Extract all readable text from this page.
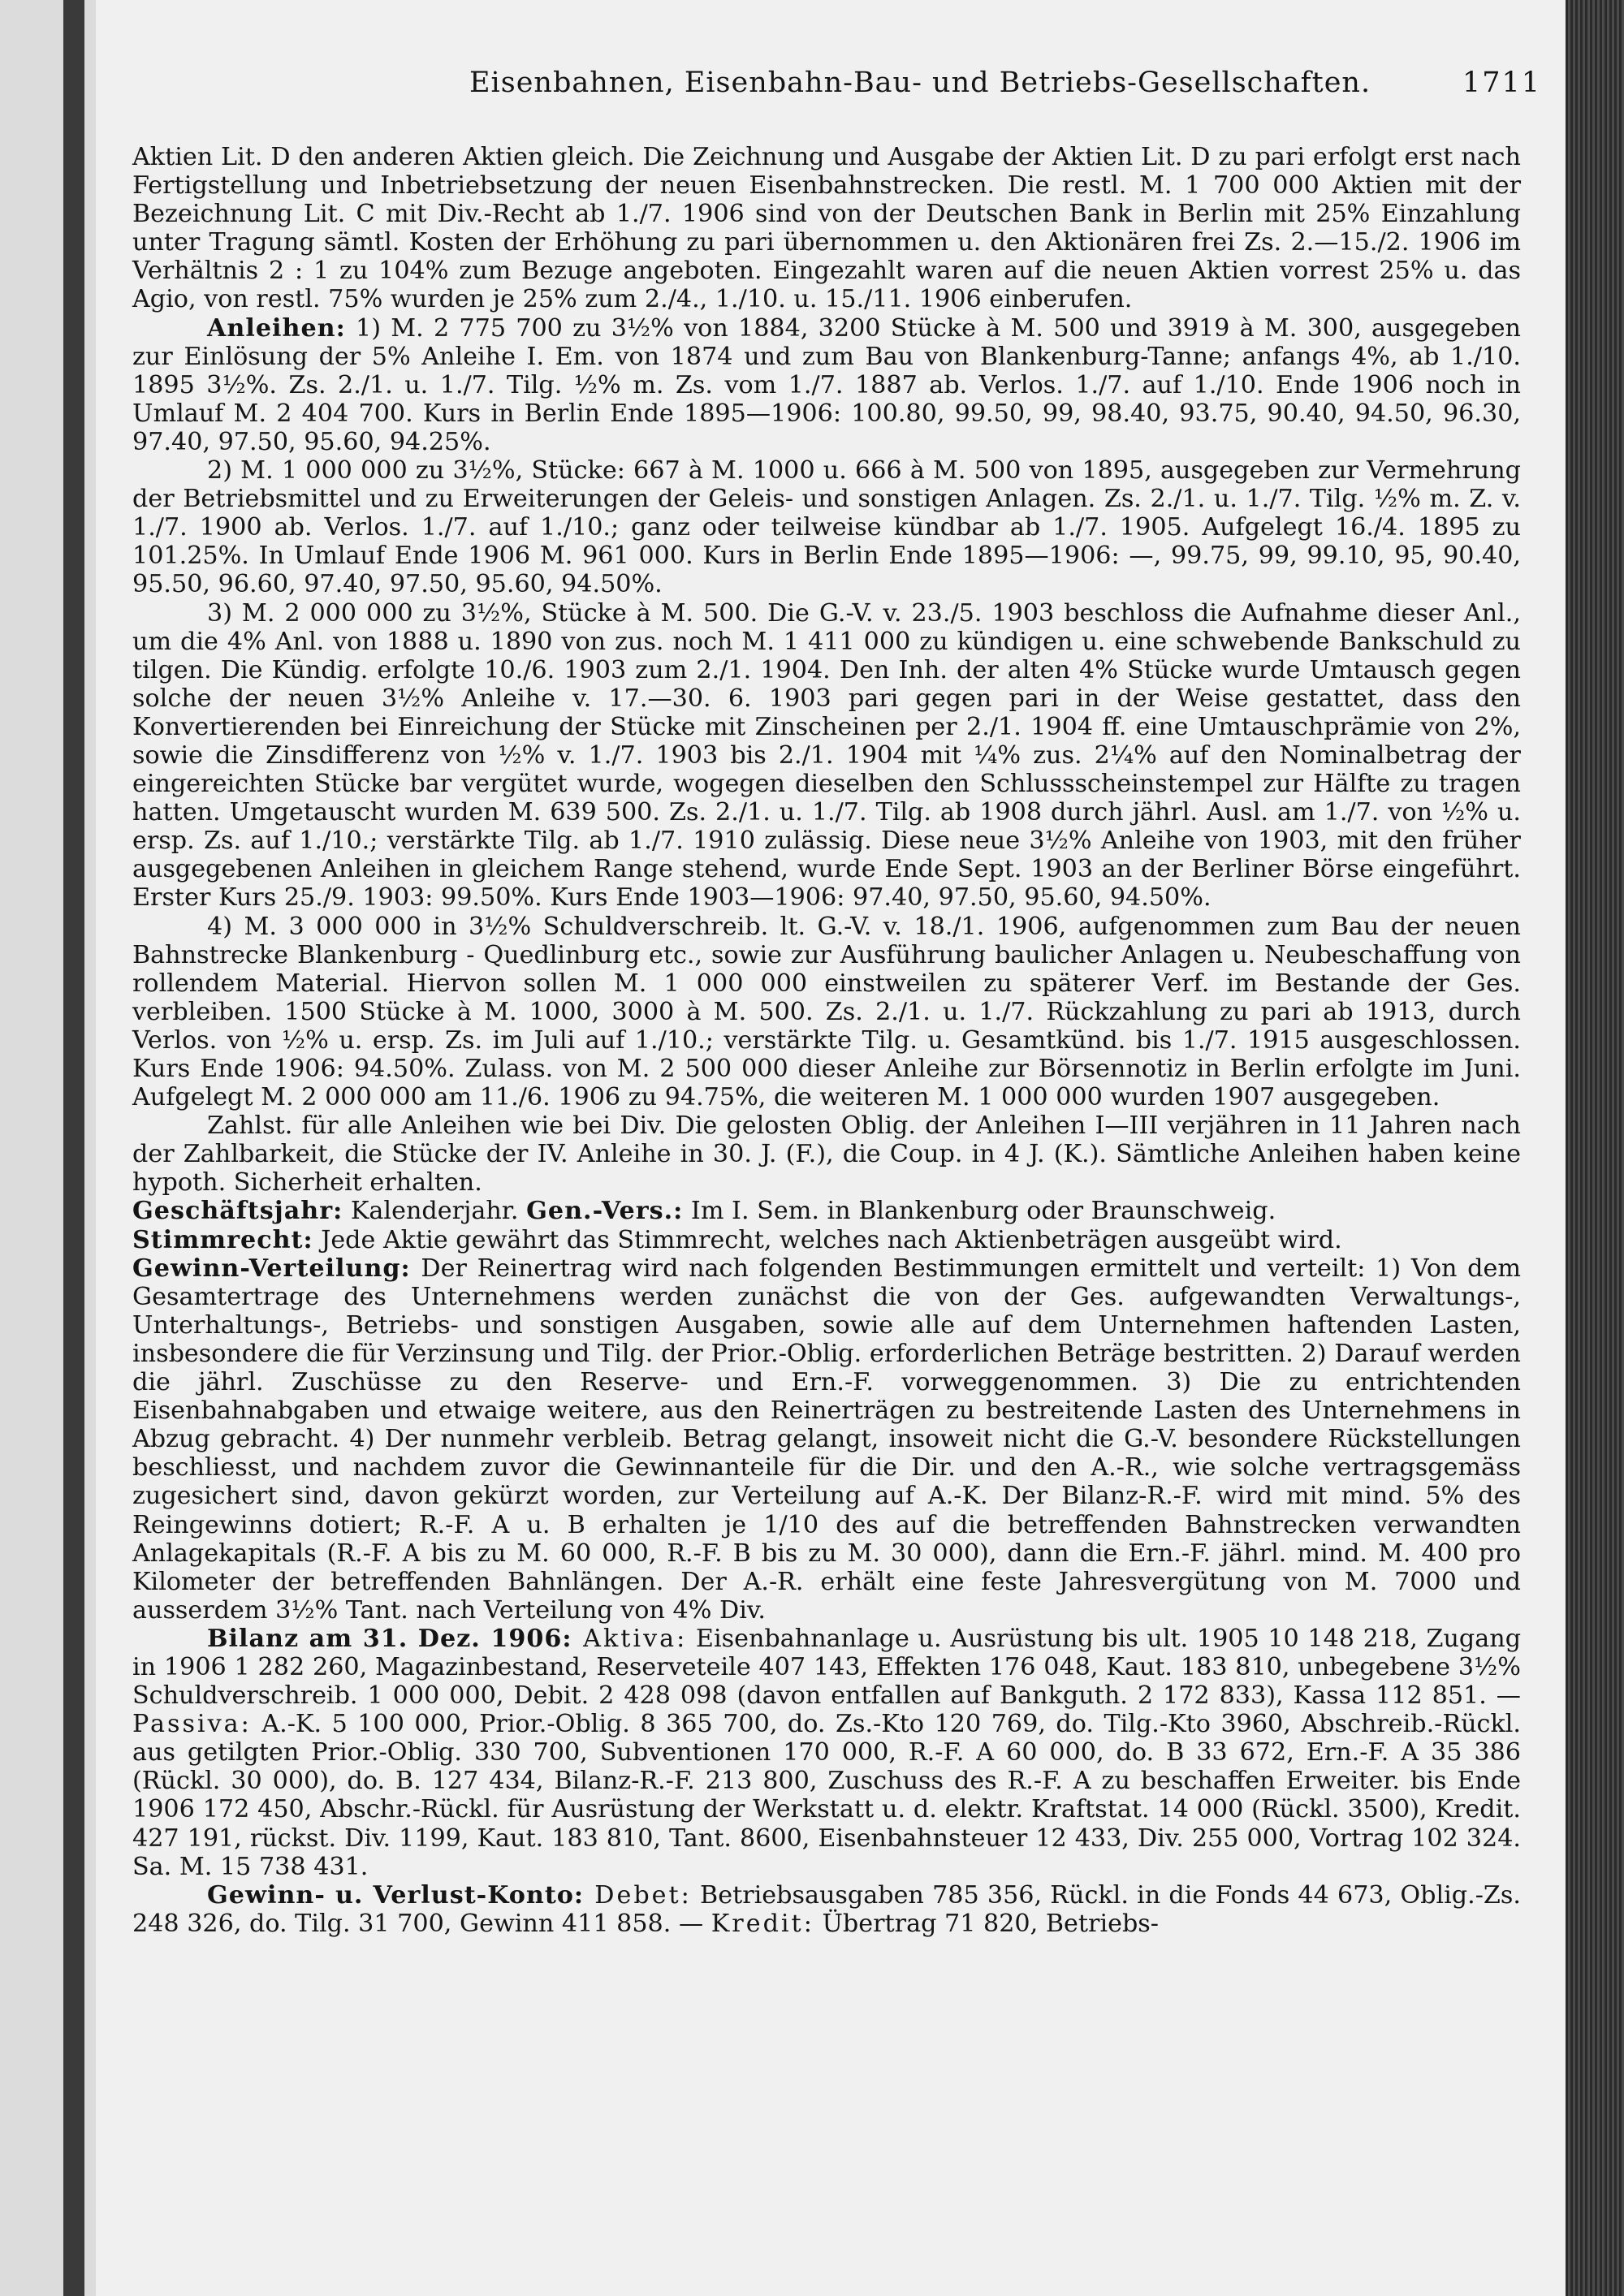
Eisenbahnen, Eisenbahn-Bau- und Betriebs-Gesellschaften.	1711

Aktien Lit. D den anderen Aktien gleich. Die Zeichnung und Ausgabe der Aktien Lit. D zu pari erfolgt erst nach Fertigstellung und Inbetriebsetzung der neuen Eisenbahnstrecken. Die restl. M. 1 700 000 Aktien mit der Bezeichnung Lit. C mit Div.-Recht ab 1./7. 1906 sind von der Deutschen Bank in Berlin mit 25% Einzahlung unter Tragung sämtl. Kosten der Erhöhung zu pari übernommen u. den Aktionären frei Zs. 2.—15./2. 1906 im Verhältnis 2 : 1 zu 104% zum Bezuge angeboten. Eingezahlt waren auf die neuen Aktien vorrest 25% u. das Agio, von restl. 75% wurden je 25% zum 2./4., 1./10. u. 15./11. 1906 einberufen.

Anleihen: 1) M. 2 775 700 zu 3½% von 1884, 3200 Stücke à M. 500 und 3919 à M. 300, ausgegeben zur Einlösung der 5% Anleihe I. Em. von 1874 und zum Bau von Blankenburg-Tanne; anfangs 4%, ab 1./10. 1895 3½%. Zs. 2./1. u. 1./7. Tilg. ½% m. Zs. vom 1./7. 1887 ab. Verlos. 1./7. auf 1./10. Ende 1906 noch in Umlauf M. 2 404 700. Kurs in Berlin Ende 1895—1906: 100.80, 99.50, 99, 98.40, 93.75, 90.40, 94.50, 96.30, 97.40, 97.50, 95.60, 94.25%.

2) M. 1 000 000 zu 3½%, Stücke: 667 à M. 1000 u. 666 à M. 500 von 1895, ausgegeben zur Vermehrung der Betriebsmittel und zu Erweiterungen der Geleis- und sonstigen Anlagen. Zs. 2./1. u. 1./7. Tilg. ½% m. Z. v. 1./7. 1900 ab. Verlos. 1./7. auf 1./10.; ganz oder teilweise kündbar ab 1./7. 1905. Aufgelegt 16./4. 1895 zu 101.25%. In Umlauf Ende 1906 M. 961 000. Kurs in Berlin Ende 1895—1906: —, 99.75, 99, 99.10, 95, 90.40, 95.50, 96.60, 97.40, 97.50, 95.60, 94.50%.

3) M. 2 000 000 zu 3½%, Stücke à M. 500. Die G.-V. v. 23./5. 1903 beschloss die Aufnahme dieser Anl., um die 4% Anl. von 1888 u. 1890 von zus. noch M. 1 411 000 zu kündigen u. eine schwebende Bankschuld zu tilgen. Die Kündig. erfolgte 10./6. 1903 zum 2./1. 1904. Den Inh. der alten 4% Stücke wurde Umtausch gegen solche der neuen 3½% Anleihe v. 17.—30. 6. 1903 pari gegen pari in der Weise gestattet, dass den Konvertierenden bei Einreichung der Stücke mit Zinscheinen per 2./1. 1904 ff. eine Umtauschprämie von 2%, sowie die Zinsdifferenz von ½% v. 1./7. 1903 bis 2./1. 1904 mit ¼% zus. 2¼% auf den Nominalbetrag der eingereichten Stücke bar vergütet wurde, wogegen dieselben den Schlussscheinstempel zur Hälfte zu tragen hatten. Umgetauscht wurden M. 639 500. Zs. 2./1. u. 1./7. Tilg. ab 1908 durch jährl. Ausl. am 1./7. von ½% u. ersp. Zs. auf 1./10.; verstärkte Tilg. ab 1./7. 1910 zulässig. Diese neue 3½% Anleihe von 1903, mit den früher ausgegebenen Anleihen in gleichem Range stehend, wurde Ende Sept. 1903 an der Berliner Börse eingeführt. Erster Kurs 25./9. 1903: 99.50%. Kurs Ende 1903—1906: 97.40, 97.50, 95.60, 94.50%.

4) M. 3 000 000 in 3½% Schuldverschreib. lt. G.-V. v. 18./1. 1906, aufgenommen zum Bau der neuen Bahnstrecke Blankenburg - Quedlinburg etc., sowie zur Ausführung baulicher Anlagen u. Neubeschaffung von rollendem Material. Hiervon sollen M. 1 000 000 einstweilen zu späterer Verf. im Bestande der Ges. verbleiben. 1500 Stücke à M. 1000, 3000 à M. 500. Zs. 2./1. u. 1./7. Rückzahlung zu pari ab 1913, durch Verlos. von ½% u. ersp. Zs. im Juli auf 1./10.; verstärkte Tilg. u. Gesamtkünd. bis 1./7. 1915 ausgeschlossen. Kurs Ende 1906: 94.50%. Zulass. von M. 2 500 000 dieser Anleihe zur Börsennotiz in Berlin erfolgte im Juni. Aufgelegt M. 2 000 000 am 11./6. 1906 zu 94.75%, die weiteren M. 1 000 000 wurden 1907 ausgegeben.

Zahlst. für alle Anleihen wie bei Div. Die gelosten Oblig. der Anleihen I—III verjähren in 11 Jahren nach der Zahlbarkeit, die Stücke der IV. Anleihe in 30. J. (F.), die Coup. in 4 J. (K.). Sämtliche Anleihen haben keine hypoth. Sicherheit erhalten.

Geschäftsjahr: Kalenderjahr. Gen.-Vers.: Im I. Sem. in Blankenburg oder Braunschweig.

Stimmrecht: Jede Aktie gewährt das Stimmrecht, welches nach Aktienbeträgen ausgeübt wird.

Gewinn-Verteilung: Der Reinertrag wird nach folgenden Bestimmungen ermittelt und verteilt: 1) Von dem Gesamtertrage des Unternehmens werden zunächst die von der Ges. aufgewandten Verwaltungs-, Unterhaltungs-, Betriebs- und sonstigen Ausgaben, sowie alle auf dem Unternehmen haftenden Lasten, insbesondere die für Verzinsung und Tilg. der Prior.-Oblig. erforderlichen Beträge bestritten. 2) Darauf werden die jährl. Zuschüsse zu den Reserve- und Ern.-F. vorweggenommen. 3) Die zu entrichtenden Eisenbahnabgaben und etwaige weitere, aus den Reinerträgen zu bestreitende Lasten des Unternehmens in Abzug gebracht. 4) Der nunmehr verbleib. Betrag gelangt, insoweit nicht die G.-V. besondere Rückstellungen beschliesst, und nachdem zuvor die Gewinnanteile für die Dir. und den A.-R., wie solche vertragsgemäss zugesichert sind, davon gekürzt worden, zur Verteilung auf A.-K. Der Bilanz-R.-F. wird mit mind. 5% des Reingewinns dotiert; R.-F. A u. B erhalten je 1/10 des auf die betreffenden Bahnstrecken verwandten Anlagekapitals (R.-F. A bis zu M. 60 000, R.-F. B bis zu M. 30 000), dann die Ern.-F. jährl. mind. M. 400 pro Kilometer der betreffenden Bahnlängen. Der A.-R. erhält eine feste Jahresvergütung von M. 7000 und ausserdem 3½% Tant. nach Verteilung von 4% Div.

Bilanz am 31. Dez. 1906: Aktiva: Eisenbahnanlage u. Ausrüstung bis ult. 1905 10 148 218, Zugang in 1906 1 282 260, Magazinbestand, Reserveteile 407 143, Effekten 176 048, Kaut. 183 810, unbegebene 3½% Schuldverschreib. 1 000 000, Debit. 2 428 098 (davon entfallen auf Bankguth. 2 172 833), Kassa 112 851. — Passiva: A.-K. 5 100 000, Prior.-Oblig. 8 365 700, do. Zs.-Kto 120 769, do. Tilg.-Kto 3960, Abschreib.-Rückl. aus getilgten Prior.-Oblig. 330 700, Subventionen 170 000, R.-F. A 60 000, do. B 33 672, Ern.-F. A 35 386 (Rückl. 30 000), do. B. 127 434, Bilanz-R.-F. 213 800, Zuschuss des R.-F. A zu beschaffen Erweiter. bis Ende 1906 172 450, Abschr.-Rückl. für Ausrüstung der Werkstatt u. d. elektr. Kraftstat. 14 000 (Rückl. 3500), Kredit. 427 191, rückst. Div. 1199, Kaut. 183 810, Tant. 8600, Eisenbahnsteuer 12 433, Div. 255 000, Vortrag 102 324. Sa. M. 15 738 431.

Gewinn- u. Verlust-Konto: Debet: Betriebsausgaben 785 356, Rückl. in die Fonds 44 673, Oblig.-Zs. 248 326, do. Tilg. 31 700, Gewinn 411 858. — Kredit: Übertrag 71 820, Betriebs-
